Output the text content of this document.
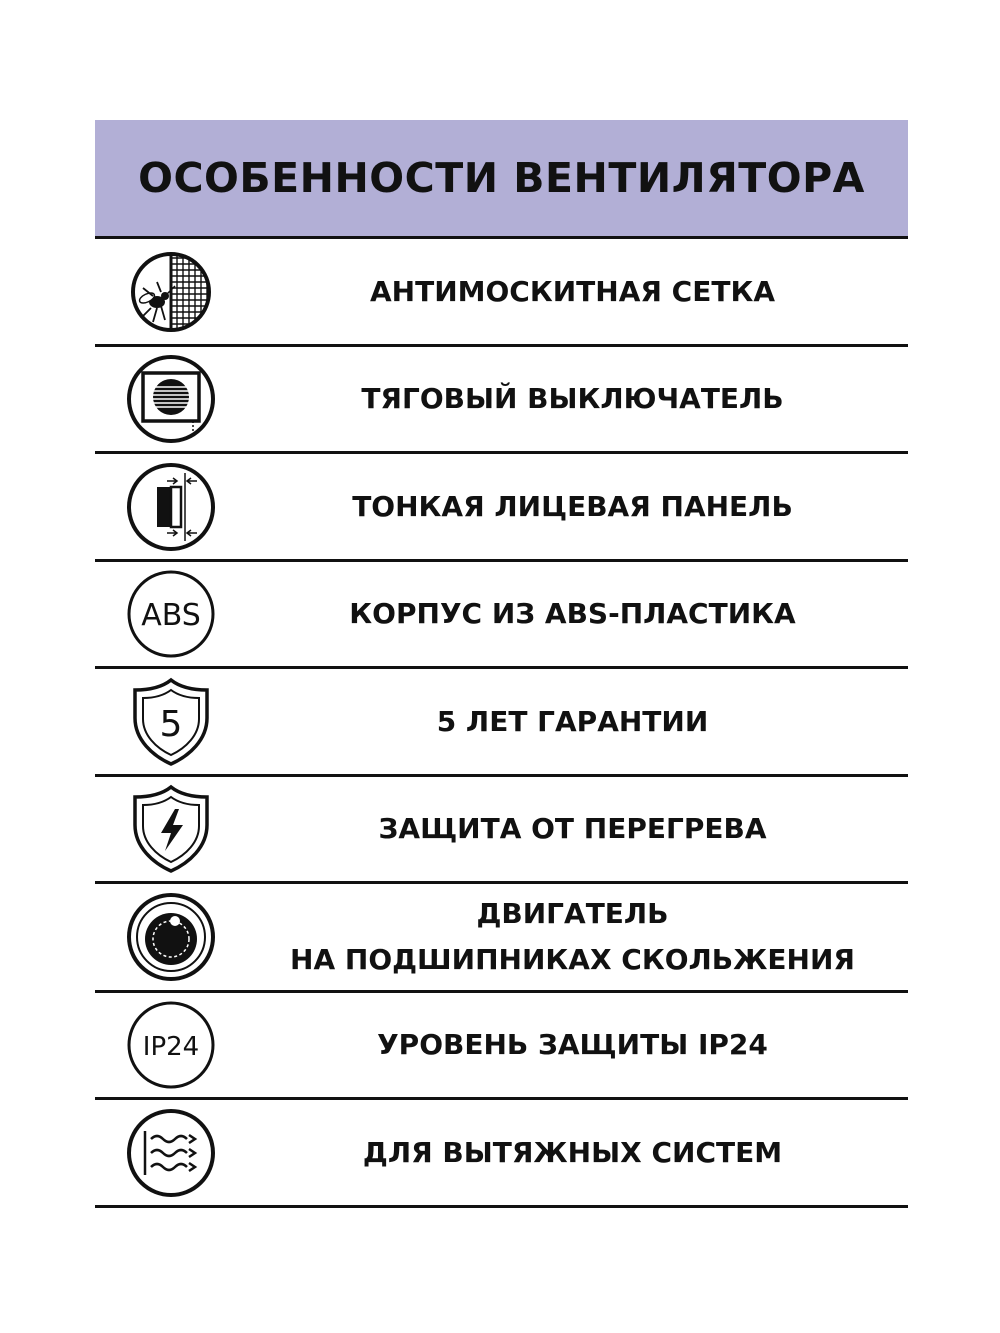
ОСОБЕННОСТИ ВЕНТИЛЯТОРА
АНТИМОСКИТНАЯ СЕТКА
ТЯГОВЫЙ ВЫКЛЮЧАТЕЛЬ
ТОНКАЯ ЛИЦЕВАЯ ПАНЕЛЬ
ABS	КОРПУС ИЗ ABS-ПЛАСТИКА
5	5 ЛЕТ ГАРАНТИИ
ЗАЩИТА ОТ ПЕРЕГРЕВА
ДВИГАТЕЛЬ
НА ПОДШИПНИКАХ СКОЛЬЖЕНИЯ
IP24	УРОВЕНЬ ЗАЩИТЫ IP24
ДЛЯ ВЫТЯЖНЫХ СИСТЕМ
